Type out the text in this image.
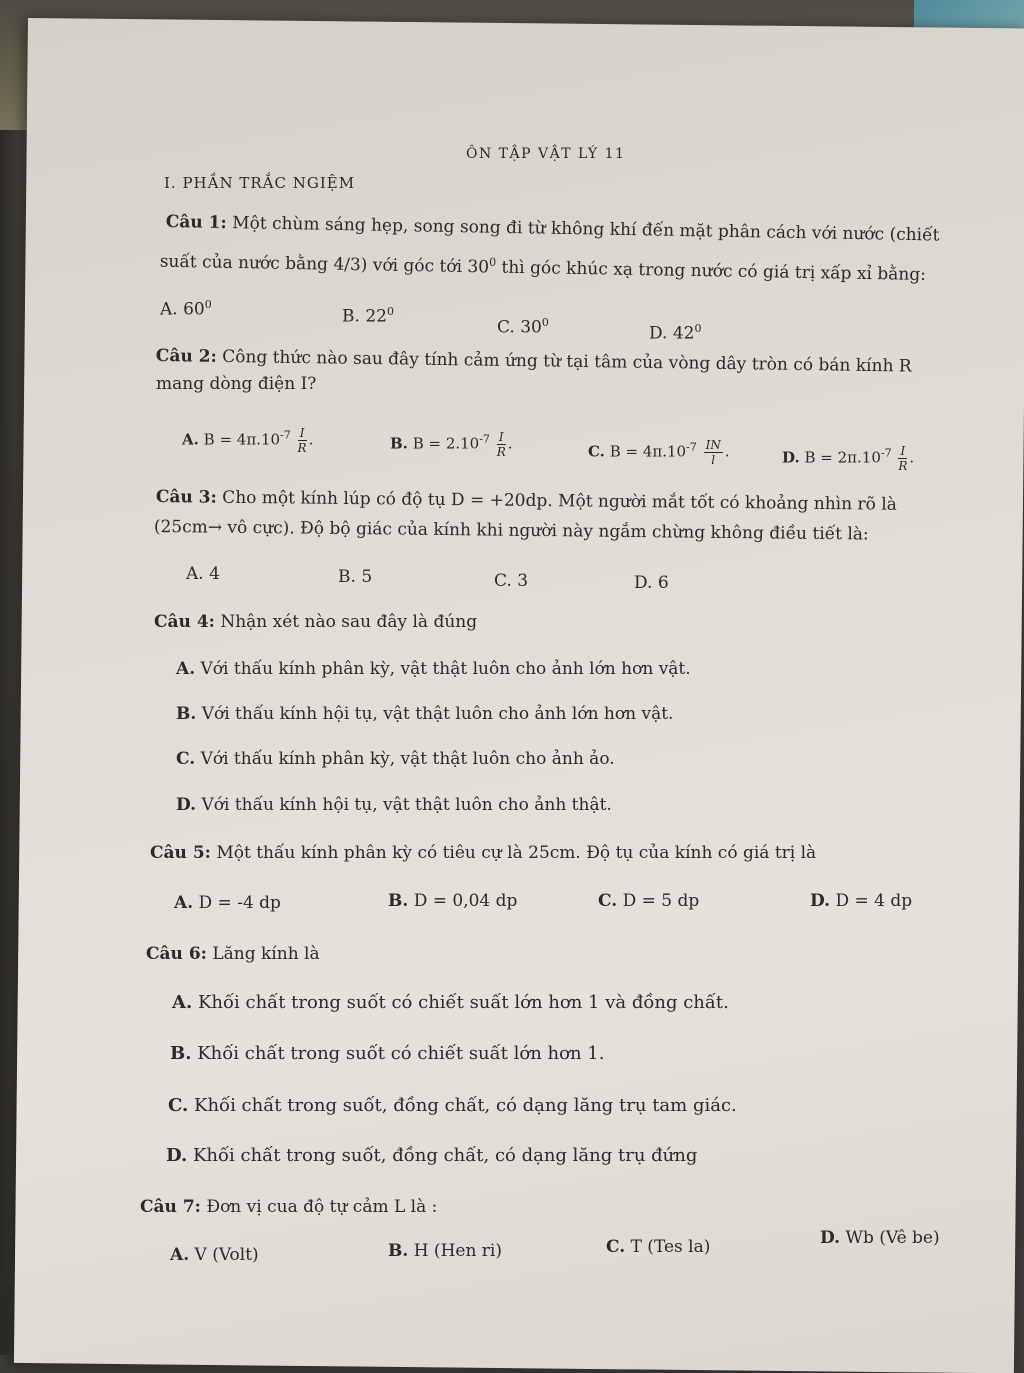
ÔN TẬP VẬT LÝ 11
I. PHẦN TRẮC NGIỆM
Câu 1: Một chùm sáng hẹp, song song đi từ không khí đến mặt phân cách với nước (chiết
suất của nước bằng 4/3) với góc tới $30^0$ thì góc khúc xạ trong nước có giá trị xấp xỉ bằng:
A. $60^0$
B. $22^0$
C. $30^0$
D. $42^0$
Câu 2: Công thức nào sau đây tính cảm ứng từ tại tâm của vòng dây tròn có bán kính R
mang dòng điện I?
A. $B = 4\pi.10^{-7} \frac{I}{R}$ .	B. $B = 2.10^{-7} \frac{I}{R}$ .	C. $B = 4\pi.10^{-7} \frac{IN}{l}$ .	D. $B = 2\pi.10^{-7} \frac{I}{R}$ .
Câu 3: Cho một kính lúp có độ tụ D = +20dp. Một người mắt tốt có khoảng nhìn rõ là
(25cm→ vô cực). Độ bộ giác của kính khi người này ngắm chừng không điều tiết là:
A. 4	B. 5	C. 3	D. 6
Câu 4: Nhận xét nào sau đây là đúng
A. Với thấu kính phân kỳ, vật thật luôn cho ảnh lớn hơn vật.
B. Với thấu kính hội tụ, vật thật luôn cho ảnh lớn hơn vật.
C. Với thấu kính phân kỳ, vật thật luôn cho ảnh ảo.
D. Với thấu kính hội tụ, vật thật luôn cho ảnh thật.
Câu 5: Một thấu kính phân kỳ có tiêu cự là 25cm. Độ tụ của kính có giá trị là
A. D = -4 dp	B. D = 0,04 dp	C. D = 5 dp	D. D = 4 dp
Câu 6: Lăng kính là
A. Khối chất trong suốt có chiết suất lớn hơn 1 và đồng chất.
B. Khối chất trong suốt có chiết suất lớn hơn 1.
C. Khối chất trong suốt, đồng chất, có dạng lăng trụ tam giác.
D. Khối chất trong suốt, đồng chất, có dạng lăng trụ đứng
Câu 7: Đơn vị cua độ tự cảm L là :
A. V (Volt)	B. H (Hen ri)	C. T (Tes la)	D. Wb (Vê be)
